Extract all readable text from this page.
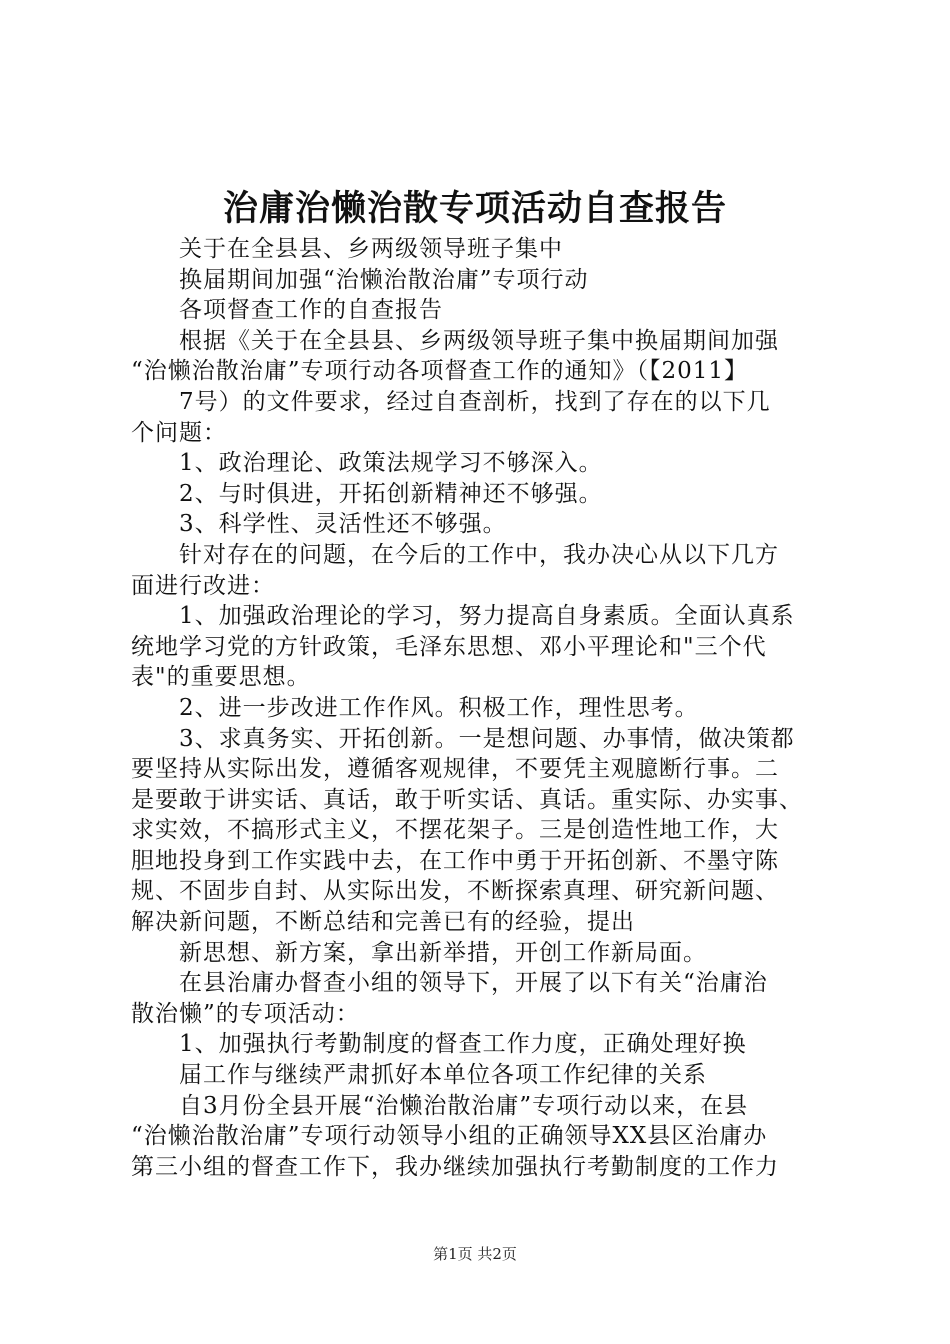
治庸治懒治散专项活动自查报告
关于在全县县、乡两级领导班子集中
换届期间加强“治懒治散治庸”专项行动
各项督查工作的自查报告
根据《关于在全县县、乡两级领导班子集中换届期间加强
“治懒治散治庸”专项行动各项督查工作的通知》（【2011】
7号）的文件要求，经过自查剖析，找到了存在的以下几
个问题：
1、政治理论、政策法规学习不够深入。
2、与时俱进，开拓创新精神还不够强。
3、科学性、灵活性还不够强。
针对存在的问题，在今后的工作中，我办决心从以下几方
面进行改进：
1、加强政治理论的学习，努力提高自身素质。全面认真系
统地学习党的方针政策，毛泽东思想、邓小平理论和"三个代
表"的重要思想。
2、进一步改进工作作风。积极工作，理性思考。
3、求真务实、开拓创新。一是想问题、办事情，做决策都
要坚持从实际出发，遵循客观规律，不要凭主观臆断行事。二
是要敢于讲实话、真话，敢于听实话、真话。重实际、办实事、
求实效，不搞形式主义，不摆花架子。三是创造性地工作，大
胆地投身到工作实践中去，在工作中勇于开拓创新、不墨守陈
规、不固步自封、从实际出发，不断探索真理、研究新问题、
解决新问题，不断总结和完善已有的经验，提出
新思想、新方案，拿出新举措，开创工作新局面。
在县治庸办督查小组的领导下，开展了以下有关“治庸治
散治懒”的专项活动：
1、加强执行考勤制度的督查工作力度，正确处理好换
届工作与继续严肃抓好本单位各项工作纪律的关系
自3月份全县开展“治懒治散治庸”专项行动以来，在县
“治懒治散治庸”专项行动领导小组的正确领导XX县区治庸办
第三小组的督查工作下，我办继续加强执行考勤制度的工作力
第1页 共2页
